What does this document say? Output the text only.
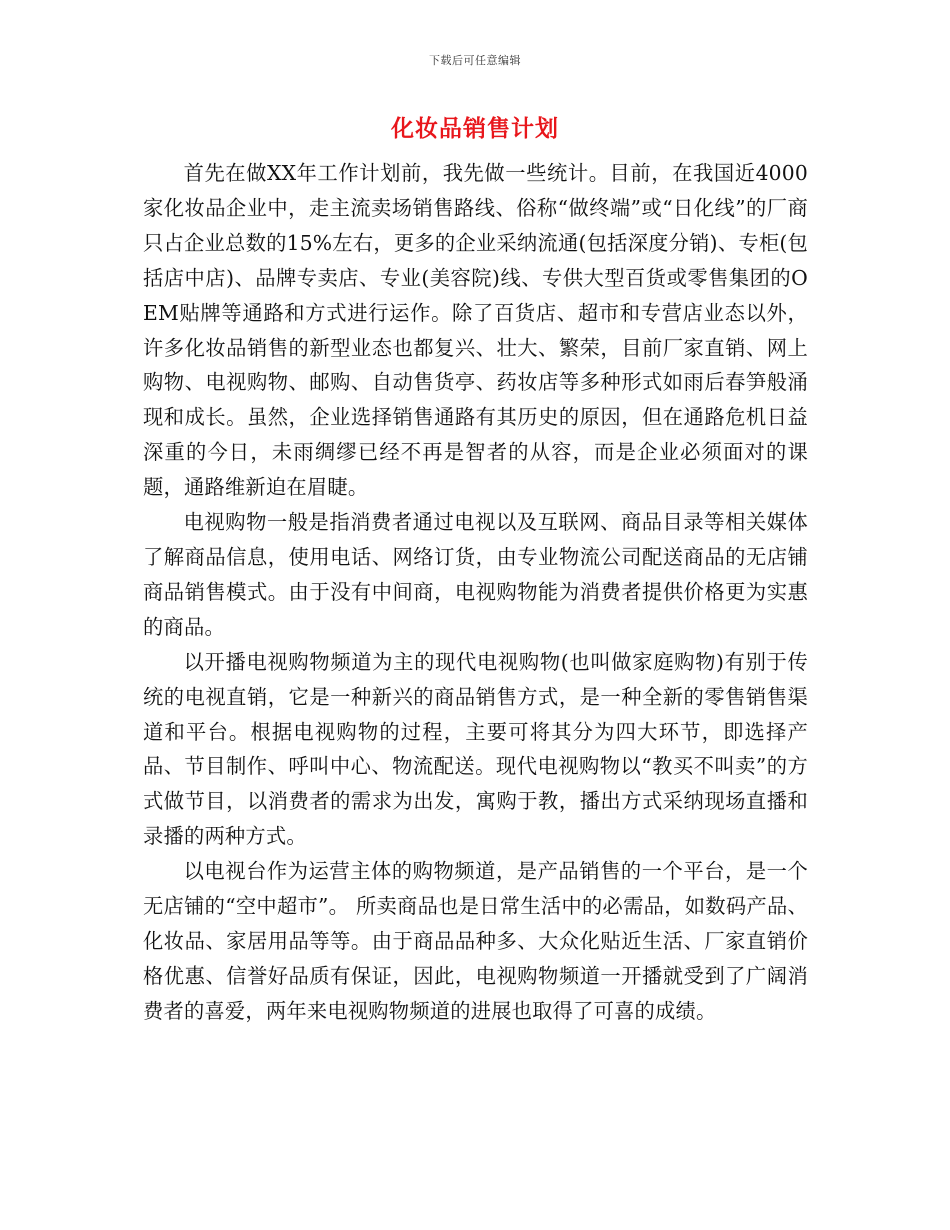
下载后可任意编辑
化妆品销售计划

首先在做XX年工作计划前，我先做一些统计。目前，在我国近4000家化妆品企业中，走主流卖场销售路线、俗称“做终端”或“日化线”的厂商只占企业总数的15%左右，更多的企业采纳流通(包括深度分销)、专柜(包括店中店)、品牌专卖店、专业(美容院)线、专供大型百货或零售集团的OEM贴牌等通路和方式进行运作。除了百货店、超市和专营店业态以外，许多化妆品销售的新型业态也都复兴、壮大、繁荣，目前厂家直销、网上购物、电视购物、邮购、自动售货亭、药妆店等多种形式如雨后春笋般涌现和成长。虽然，企业选择销售通路有其历史的原因，但在通路危机日益深重的今日，未雨绸缪已经不再是智者的从容，而是企业必须面对的课题，通路维新迫在眉睫。

电视购物一般是指消费者通过电视以及互联网、商品目录等相关媒体了解商品信息，使用电话、网络订货，由专业物流公司配送商品的无店铺商品销售模式。由于没有中间商，电视购物能为消费者提供价格更为实惠的商品。

以开播电视购物频道为主的现代电视购物(也叫做家庭购物)有别于传统的电视直销，它是一种新兴的商品销售方式，是一种全新的零售销售渠道和平台。根据电视购物的过程，主要可将其分为四大环节，即选择产品、节目制作、呼叫中心、物流配送。现代电视购物以“教买不叫卖”的方式做节目，以消费者的需求为出发，寓购于教，播出方式采纳现场直播和录播的两种方式。

以电视台作为运营主体的购物频道，是产品销售的一个平台，是一个无店铺的“空中超市”。 所卖商品也是日常生活中的必需品，如数码产品、化妆品、家居用品等等。由于商品品种多、大众化贴近生活、厂家直销价格优惠、信誉好品质有保证，因此，电视购物频道一开播就受到了广阔消费者的喜爱，两年来电视购物频道的进展也取得了可喜的成绩。
